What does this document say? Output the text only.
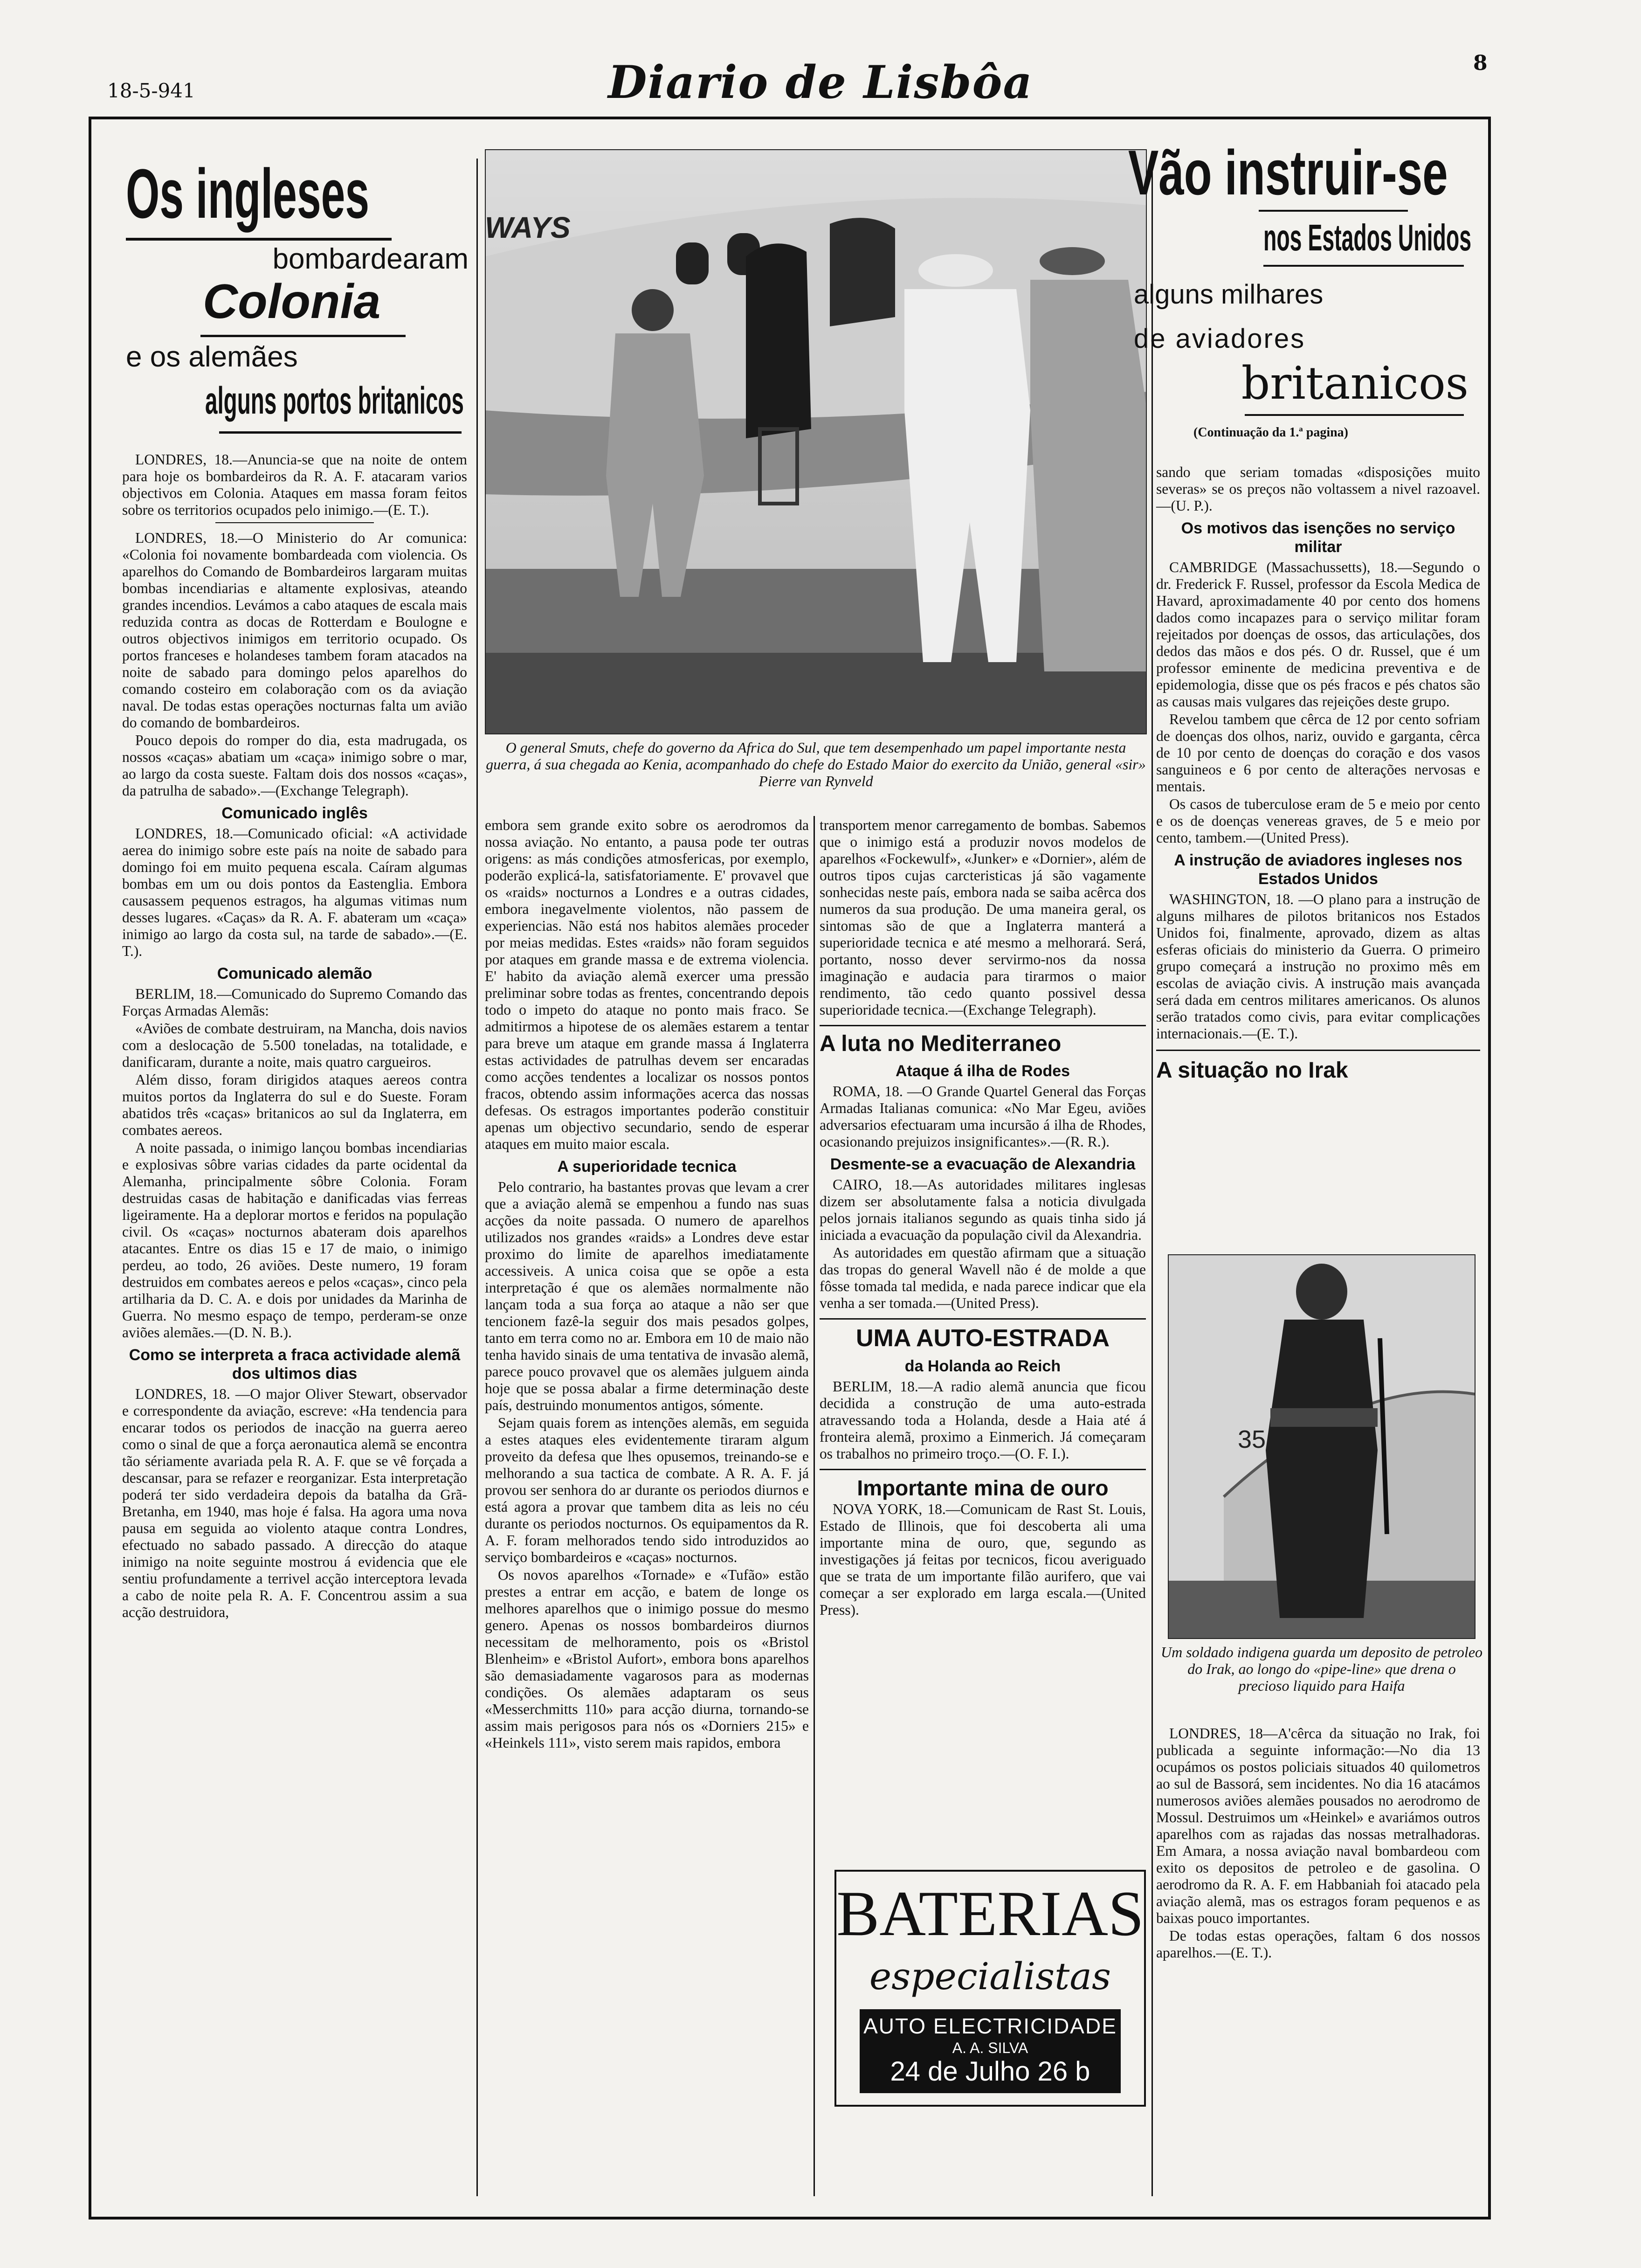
18-5-941	Diario de Lisbôa	8
Os ingleses
bombardearam
Colonia
e os alemães
alguns portos britanicos

LONDRES, 18.—Anuncia-se que na noite de ontem para hoje os bombardeiros da R. A. F. atacaram varios objectivos em Colonia. Ataques em massa foram feitos sobre os territorios ocupados pelo inimigo.—(E. T.).

LONDRES, 18.—O Ministerio do Ar comunica: «Colonia foi novamente bombardeada com violencia. Os aparelhos do Comando de Bombardeiros largaram muitas bombas incendiarias e altamente explosivas, ateando grandes incendios. Levámos a cabo ataques de escala mais reduzida contra as docas de Rotterdam e Boulogne e outros objectivos inimigos em territorio ocupado. Os portos franceses e holandeses tambem foram atacados na noite de sabado para domingo pelos aparelhos do comando costeiro em colaboração com os da aviação naval. De todas estas operações nocturnas falta um avião do comando de bombardeiros.

Pouco depois do romper do dia, esta madrugada, os nossos «caças» abatiam um «caça» inimigo sobre o mar, ao largo da costa sueste. Faltam dois dos nossos «caças», da patrulha de sabado».—(Exchange Telegraph).

Comunicado inglês

LONDRES, 18.—Comunicado oficial: «A actividade aerea do inimigo sobre este país na noite de sabado para domingo foi em muito pequena escala. Caíram algumas bombas em um ou dois pontos da Eastenglia. Embora causassem pequenos estragos, ha algumas vitimas num desses lugares. «Caças» da R. A. F. abateram um «caça» inimigo ao largo da costa sul, na tarde de sabado».—(E. T.).

Comunicado alemão

BERLIM, 18.—Comunicado do Supremo Comando das Forças Armadas Alemãs:

«Aviões de combate destruiram, na Mancha, dois navios com a deslocação de 5.500 toneladas, na totalidade, e danificaram, durante a noite, mais quatro cargueiros.

Além disso, foram dirigidos ataques aereos contra muitos portos da Inglaterra do sul e do Sueste. Foram abatidos três «caças» britanicos ao sul da Inglaterra, em combates aereos.

A noite passada, o inimigo lançou bombas incendiarias e explosivas sôbre varias cidades da parte ocidental da Alemanha, principalmente sôbre Colonia. Foram destruidas casas de habitação e danificadas vias ferreas ligeiramente. Ha a deplorar mortos e feridos na população civil. Os «caças» nocturnos abateram dois aparelhos atacantes. Entre os dias 15 e 17 de maio, o inimigo perdeu, ao todo, 26 aviões. Deste numero, 19 foram destruidos em combates aereos e pelos «caças», cinco pela artilharia da D. C. A. e dois por unidades da Marinha de Guerra. No mesmo espaço de tempo, perderam-se onze aviões alemães.—(D. N. B.).

Como se interpreta a fraca actividade alemã dos ultimos dias

LONDRES, 18. —O major Oliver Stewart, observador e correspondente da aviação, escreve: «Ha tendencia para encarar todos os periodos de inacção na guerra aereo como o sinal de que a força aeronautica alemã se encontra tão sériamente avariada pela R. A. F. que se vê forçada a descansar, para se refazer e reorganizar. Esta interpretação poderá ter sido verdadeira depois da batalha da Grã-Bretanha, em 1940, mas hoje é falsa. Ha agora uma nova pausa em seguida ao violento ataque contra Londres, efectuado no sabado passado. A direcção do ataque inimigo na noite seguinte mostrou á evidencia que ele sentiu profundamente a terrivel acção interceptora levada a cabo de noite pela R. A. F. Concentrou assim a sua acção destruidora,

WAYS
O general Smuts, chefe do governo da Africa do Sul, que tem desempenhado um papel importante nesta guerra, á sua chegada ao Kenia, acompanhado do chefe do Estado Maior do exercito da União, general «sir» Pierre van Rynveld

embora sem grande exito sobre os aerodromos da nossa aviação. No entanto, a pausa pode ter outras origens: as más condições atmosfericas, por exemplo, poderão explicá-la, satisfatoriamente. E' provavel que os «raids» nocturnos a Londres e a outras cidades, embora inegavelmente violentos, não passem de experiencias. Não está nos habitos alemães proceder por meias medidas. Estes «raids» não foram seguidos por ataques em grande massa e de extrema violencia. E' habito da aviação alemã exercer uma pressão preliminar sobre todas as frentes, concentrando depois todo o impeto do ataque no ponto mais fraco. Se admitirmos a hipotese de os alemães estarem a tentar para breve um ataque em grande massa á Inglaterra estas actividades de patrulhas devem ser encaradas como acções tendentes a localizar os nossos pontos fracos, obtendo assim informações acerca das nossas defesas. Os estragos importantes poderão constituir apenas um objectivo secundario, sendo de esperar ataques em muito maior escala.

A superioridade tecnica

Pelo contrario, ha bastantes provas que levam a crer que a aviação alemã se empenhou a fundo nas suas acções da noite passada. O numero de aparelhos utilizados nos grandes «raids» a Londres deve estar proximo do limite de aparelhos imediatamente accessiveis. A unica coisa que se opõe a esta interpretação é que os alemães normalmente não lançam toda a sua força ao ataque a não ser que tencionem fazê-la seguir dos mais pesados golpes, tanto em terra como no ar. Embora em 10 de maio não tenha havido sinais de uma tentativa de invasão alemã, parece pouco provavel que os alemães julguem ainda hoje que se possa abalar a firme determinação deste país, destruindo monumentos antigos, sómente.

Sejam quais forem as intenções alemãs, em seguida a estes ataques eles evidentemente tiraram algum proveito da defesa que lhes opusemos, treinando-se e melhorando a sua tactica de combate. A R. A. F. já provou ser senhora do ar durante os periodos diurnos e está agora a provar que tambem dita as leis no céu durante os periodos nocturnos. Os equipamentos da R. A. F. foram melhorados tendo sido introduzidos ao serviço bombardeiros e «caças» nocturnos.

Os novos aparelhos «Tornade» e «Tufão» estão prestes a entrar em acção, e batem de longe os melhores aparelhos que o inimigo possue do mesmo genero. Apenas os nossos bombardeiros diurnos necessitam de melhoramento, pois os «Bristol Blenheim» e «Bristol Aufort», embora bons aparelhos são demasiadamente vagarosos para as modernas condições. Os alemães adaptaram os seus «Messerchmitts 110» para acção diurna, tornando-se assim mais perigosos para nós os «Dorniers 215» e «Heinkels 111», visto serem mais rapidos, embora

transportem menor carregamento de bombas. Sabemos que o inimigo está a produzir novos modelos de aparelhos «Fockewulf», «Junker» e «Dornier», além de outros tipos cujas carcteristicas já são vagamente sonhecidas neste país, embora nada se saiba acêrca dos numeros da sua produção. De uma maneira geral, os sintomas são de que a Inglaterra manterá a superioridade tecnica e até mesmo a melhorará. Será, portanto, nosso dever servirmo-nos da nossa imaginação e audacia para tirarmos o maior rendimento, tão cedo quanto possivel dessa superioridade tecnica.—(Exchange Telegraph).

A luta no Mediterraneo
Ataque á ilha de Rodes

ROMA, 18. —O Grande Quartel General das Forças Armadas Italianas comunica: «No Mar Egeu, aviões adversarios efectuaram uma incursão á ilha de Rhodes, ocasionando prejuizos insignificantes».—(R. R.).

Desmente-se a evacuação de Alexandria

CAIRO, 18.—As autoridades militares inglesas dizem ser absolutamente falsa a noticia divulgada pelos jornais italianos segundo as quais tinha sido já iniciada a evacuação da população civil da Alexandria.

As autoridades em questão afirmam que a situação das tropas do general Wavell não é de molde a que fôsse tomada tal medida, e nada parece indicar que ela venha a ser tomada.—(United Press).

UMA AUTO-ESTRADA
da Holanda ao Reich

BERLIM, 18.—A radio alemã anuncia que ficou decidida a construção de uma auto-estrada atravessando toda a Holanda, desde a Haia até á fronteira alemã, proximo a Einmerich. Já começaram os trabalhos no primeiro troço.—(O. F. I.).

Importante mina de ouro

NOVA YORK, 18.—Comunicam de Rast St. Louis, Estado de Illinois, que foi descoberta ali uma importante mina de ouro, que, segundo as investigações já feitas por tecnicos, ficou averiguado que se trata de um importante filão aurifero, que vai começar a ser explorado em larga escala.—(United Press).

BATERIAS
especialistas
AUTO ELECTRICIDADE
A. A. SILVA
24 de Julho 26 b
Vão instruir-se
nos Estados Unidos
alguns milhares
de aviadores
britanicos
(Continuação da 1.ª pagina)

sando que seriam tomadas «disposições muito severas» se os preços não voltassem a nivel razoavel.—(U. P.).

Os motivos das isenções no serviço militar

CAMBRIDGE (Massachussetts), 18.—Segundo o dr. Frederick F. Russel, professor da Escola Medica de Havard, aproximadamente 40 por cento dos homens dados como incapazes para o serviço militar foram rejeitados por doenças de ossos, das articulações, dos dedos das mãos e dos pés. O dr. Russel, que é um professor eminente de medicina preventiva e de epidemologia, disse que os pés fracos e pés chatos são as causas mais vulgares das rejeições deste grupo.

Revelou tambem que cêrca de 12 por cento sofriam de doenças dos olhos, nariz, ouvido e garganta, cêrca de 10 por cento de doenças do coração e dos vasos sanguineos e 6 por cento de alterações nervosas e mentais.

Os casos de tuberculose eram de 5 e meio por cento e os de doenças venereas graves, de 5 e meio por cento, tambem.—(United Press).

A instrução de aviadores ingleses nos Estados Unidos

WASHINGTON, 18. —O plano para a instrução de alguns milhares de pilotos britanicos nos Estados Unidos foi, finalmente, aprovado, dizem as altas esferas oficiais do ministerio da Guerra. O primeiro grupo começará a instrução no proximo mês em escolas de aviação civis. A instrução mais avançada será dada em centros militares americanos. Os alunos serão tratados como civis, para evitar complicações internacionais.—(E. T.).

A situação no Irak
35
Um soldado indigena guarda um deposito de petroleo do Irak, ao longo do «pipe-line» que drena o precioso liquido para Haifa

LONDRES, 18—A'cêrca da situação no Irak, foi publicada a seguinte informação:—No dia 13 ocupámos os postos policiais situados 40 quilometros ao sul de Bassorá, sem incidentes. No dia 16 atacámos numerosos aviões alemães pousados no aerodromo de Mossul. Destruimos um «Heinkel» e avariámos outros aparelhos com as rajadas das nossas metralhadoras. Em Amara, a nossa aviação naval bombardeou com exito os depositos de petroleo e de gasolina. O aerodromo da R. A. F. em Habbaniah foi atacado pela aviação alemã, mas os estragos foram pequenos e as baixas pouco importantes.

De todas estas operações, faltam 6 dos nossos aparelhos.—(E. T.).
